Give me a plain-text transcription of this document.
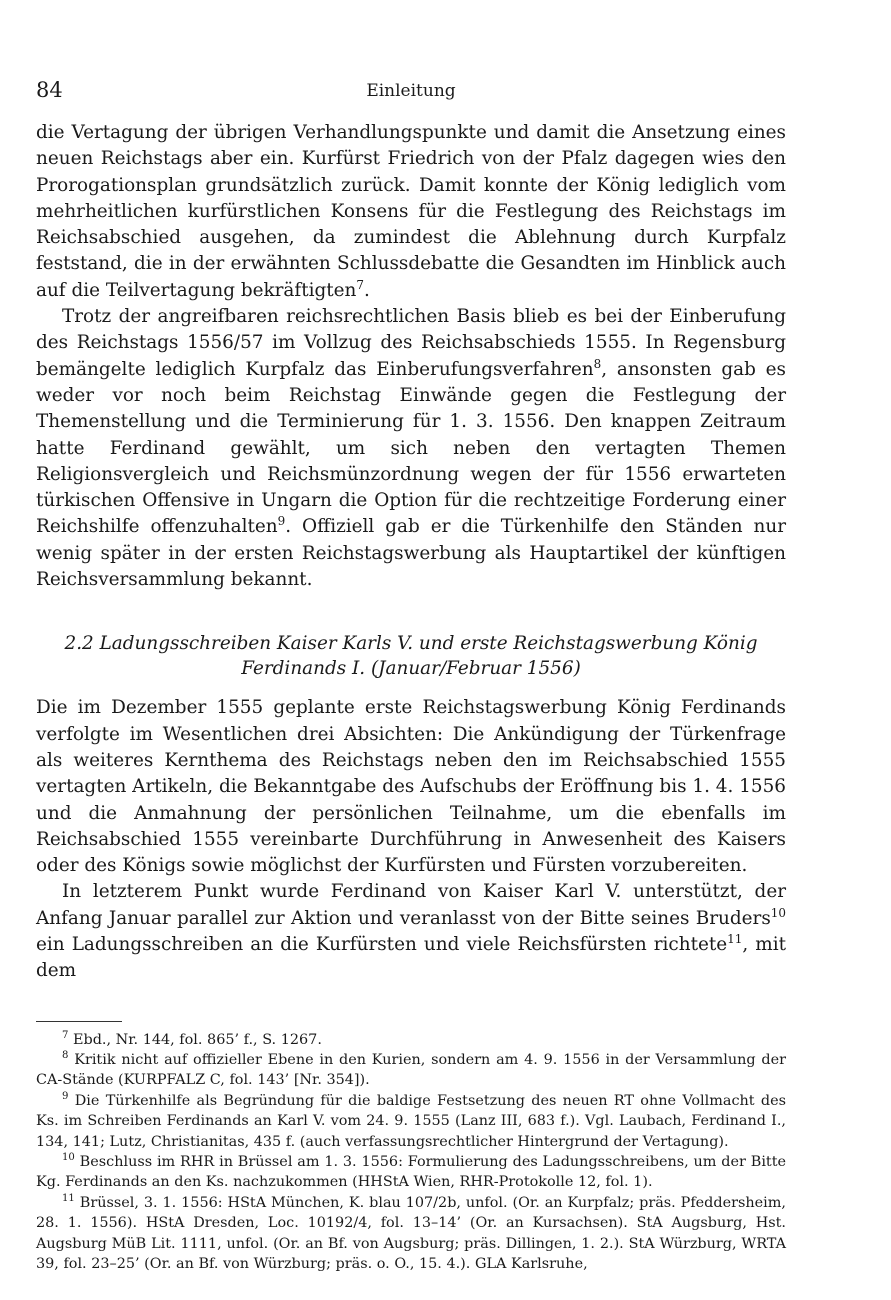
84	Einleitung

die Vertagung der übrigen Verhandlungspunkte und damit die Ansetzung eines neuen Reichstags aber ein. Kurfürst Friedrich von der Pfalz dagegen wies den Prorogationsplan grundsätzlich zurück. Damit konnte der König lediglich vom mehrheitlichen kurfürstlichen Konsens für die Festlegung des Reichstags im Reichsabschied ausgehen, da zumindest die Ablehnung durch Kurpfalz feststand, die in der erwähnten Schlussdebatte die Gesandten im Hinblick auch auf die Teilvertagung bekräftigten$^7$.

Trotz der angreifbaren reichsrechtlichen Basis blieb es bei der Einberufung des Reichstags 1556/57 im Vollzug des Reichsabschieds 1555. In Regensburg bemängelte lediglich Kurpfalz das Einberufungsverfahren$^8$, ansonsten gab es weder vor noch beim Reichstag Einwände gegen die Festlegung der Themenstellung und die Terminierung für 1. 3. 1556. Den knappen Zeitraum hatte Ferdinand gewählt, um sich neben den vertagten Themen Religionsvergleich und Reichsmünzordnung wegen der für 1556 erwarteten türkischen Offensive in Ungarn die Option für die rechtzeitige Forderung einer Reichshilfe offenzuhalten$^9$. Offiziell gab er die Türkenhilfe den Ständen nur wenig später in der ersten Reichstagswerbung als Hauptartikel der künftigen Reichsversammlung bekannt.

2.2 Ladungsschreiben Kaiser Karls V. und erste Reichstagswerbung König
Ferdinands I. (Januar/Februar 1556)

Die im Dezember 1555 geplante erste Reichstagswerbung König Ferdinands verfolgte im Wesentlichen drei Absichten: Die Ankündigung der Türkenfrage als weiteres Kernthema des Reichstags neben den im Reichsabschied 1555 vertagten Artikeln, die Bekanntgabe des Aufschubs der Eröffnung bis 1. 4. 1556 und die Anmahnung der persönlichen Teilnahme, um die ebenfalls im Reichsabschied 1555 vereinbarte Durchführung in Anwesenheit des Kaisers oder des Königs sowie möglichst der Kurfürsten und Fürsten vorzubereiten.

In letzterem Punkt wurde Ferdinand von Kaiser Karl V. unterstützt, der Anfang Januar parallel zur Aktion und veranlasst von der Bitte seines Bruders$^{10}$ ein Ladungsschreiben an die Kurfürsten und viele Reichsfürsten richtete$^{11}$, mit dem

$^7$ Ebd., Nr. 144, fol. 865’ f., S. 1267.

$^8$ Kritik nicht auf offizieller Ebene in den Kurien, sondern am 4. 9. 1556 in der Versammlung der CA-Stände (KURPFALZ C, fol. 143’ [Nr. 354]).

$^9$ Die Türkenhilfe als Begründung für die baldige Festsetzung des neuen RT ohne Vollmacht des Ks. im Schreiben Ferdinands an Karl V. vom 24. 9. 1555 (Lanz III, 683 f.). Vgl. Laubach, Ferdinand I., 134, 141; Lutz, Christianitas, 435 f. (auch verfassungsrechtlicher Hintergrund der Vertagung).

$^{10}$ Beschluss im RHR in Brüssel am 1. 3. 1556: Formulierung des Ladungsschreibens, um der Bitte Kg. Ferdinands an den Ks. nachzukommen (HHStA Wien, RHR-Protokolle 12, fol. 1).

$^{11}$ Brüssel, 3. 1. 1556: HStA München, K. blau 107/2b, unfol. (Or. an Kurpfalz; präs. Pfeddersheim, 28. 1. 1556). HStA Dresden, Loc. 10192/4, fol. 13–14’ (Or. an Kursachsen). StA Augsburg, Hst. Augsburg MüB Lit. 1111, unfol. (Or. an Bf. von Augsburg; präs. Dillingen, 1. 2.). StA Würzburg, WRTA 39, fol. 23–25’ (Or. an Bf. von Würzburg; präs. o. O., 15. 4.). GLA Karlsruhe,
